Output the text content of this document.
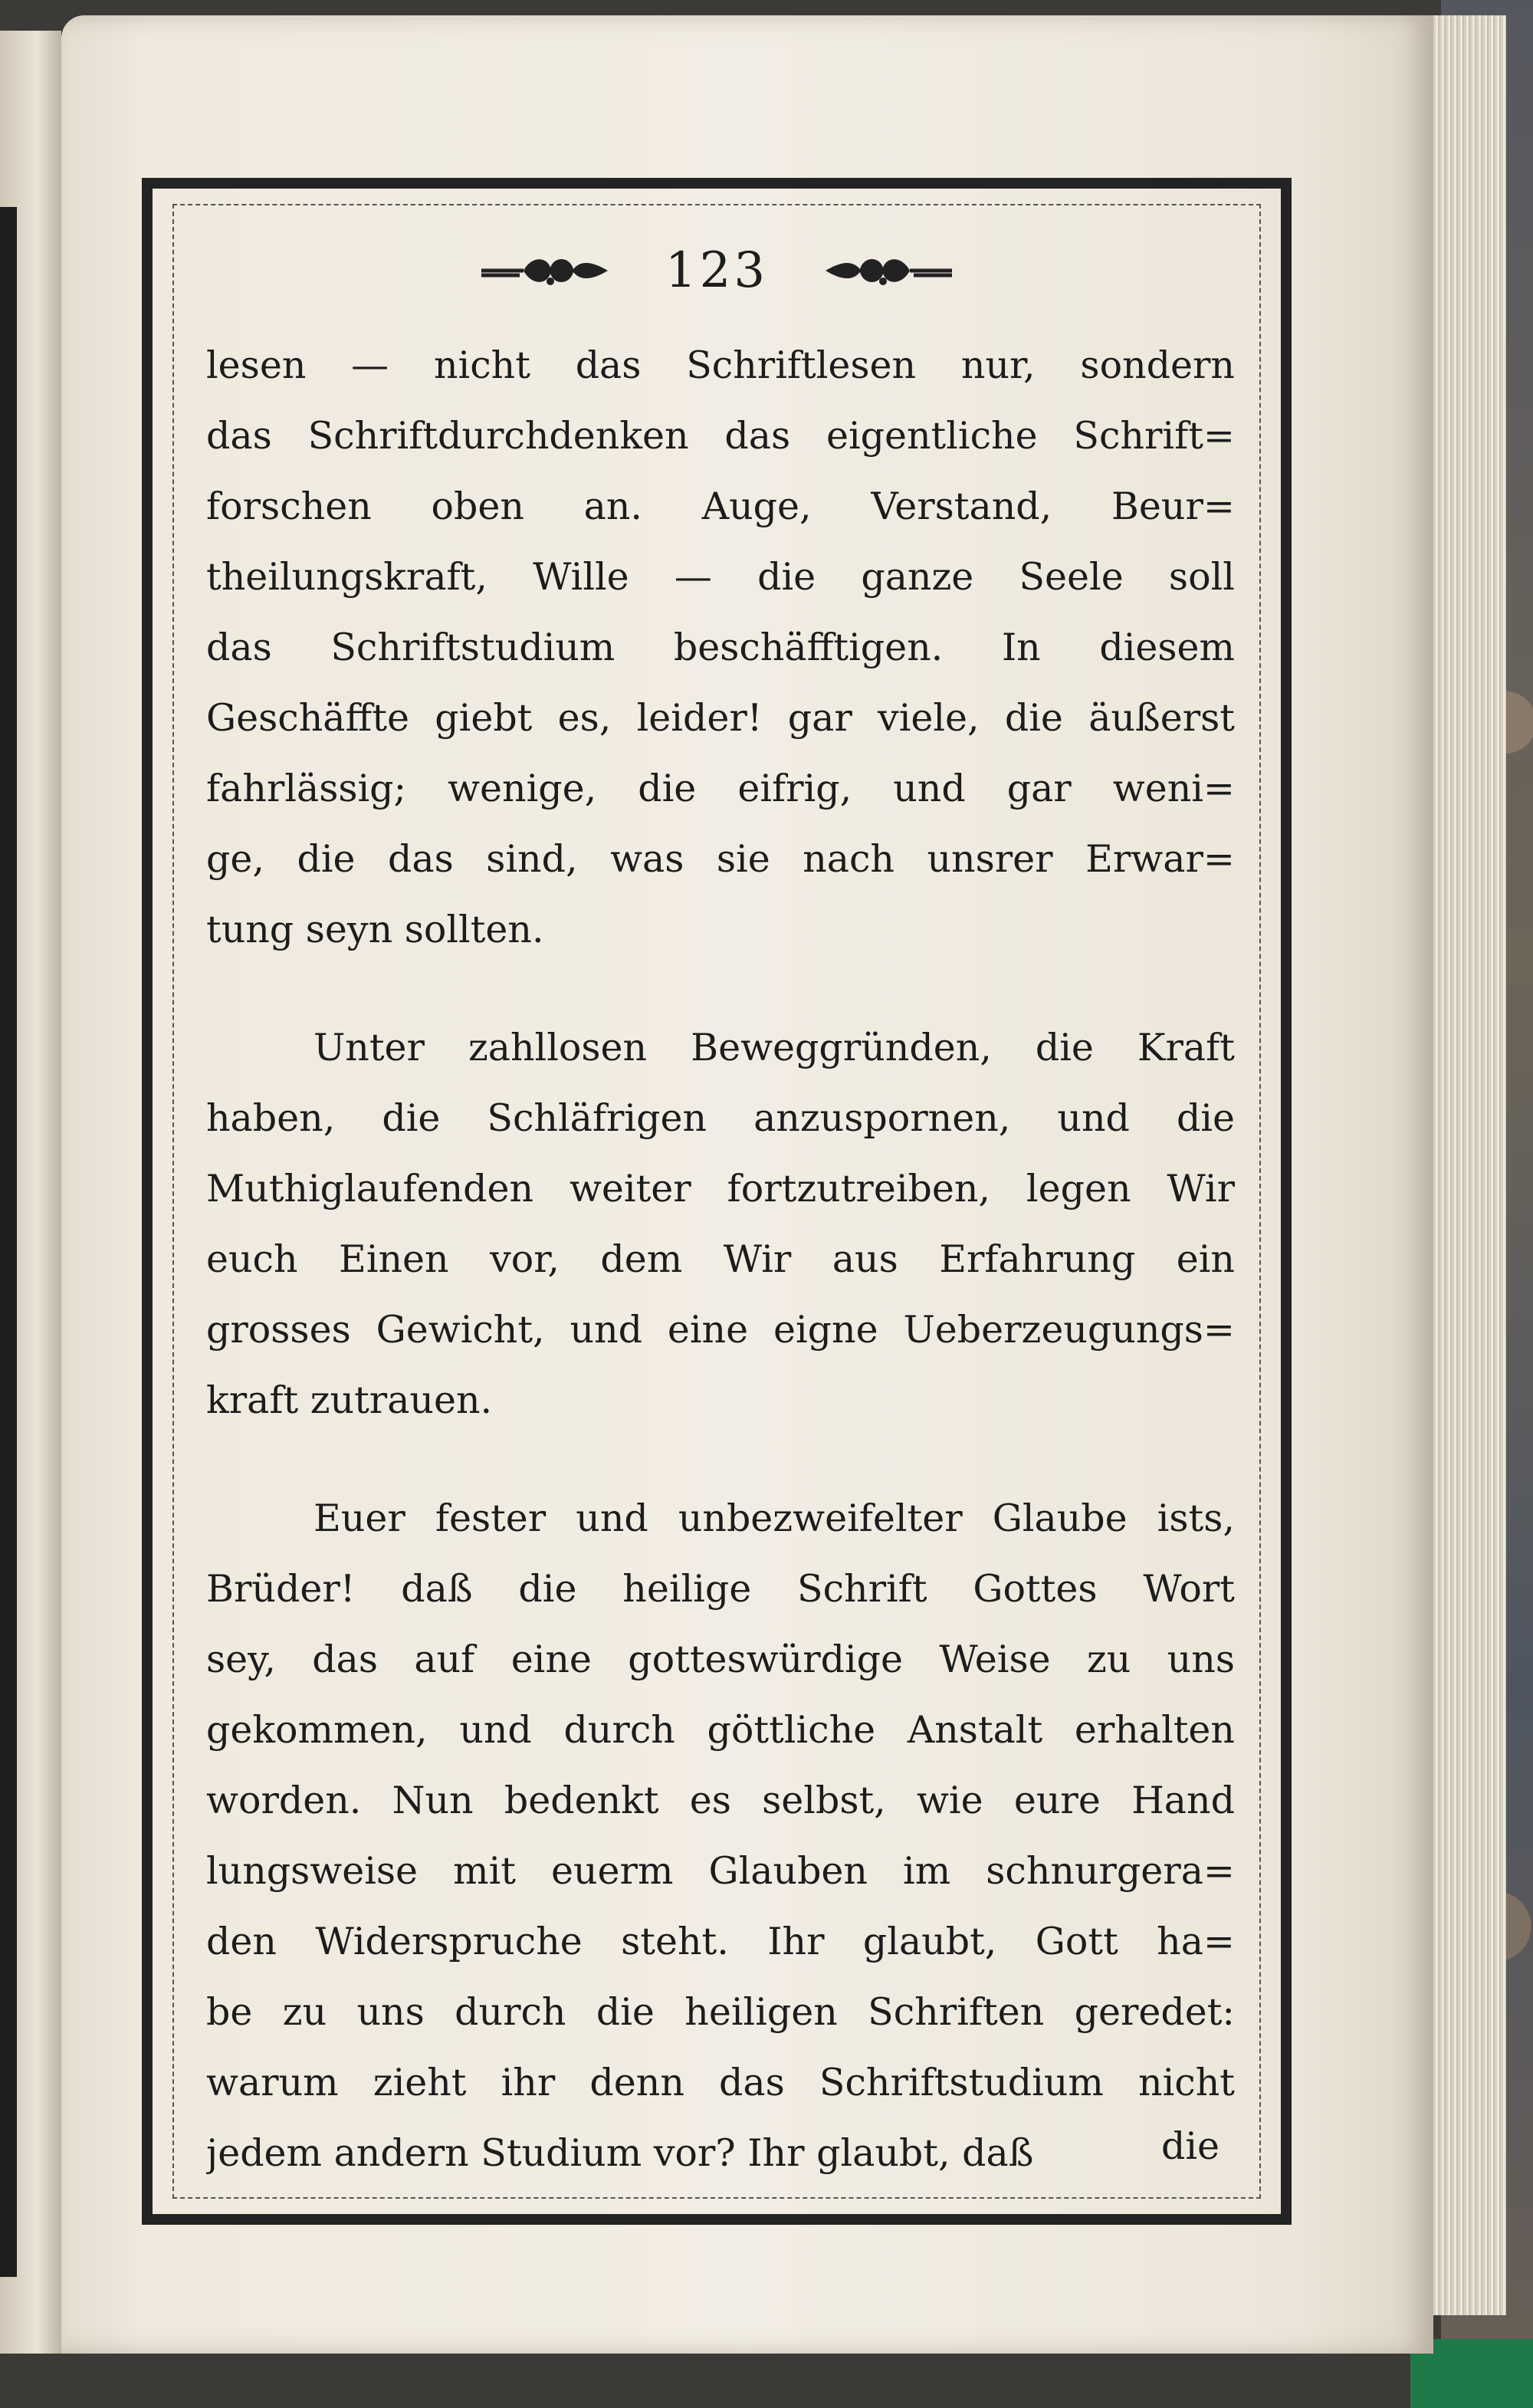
123
lesen — nicht das Schriftlesen nur, sondern
das Schriftdurchdenken das eigentliche Schrift=
forschen oben an. Auge, Verstand, Beur=
theilungskraft, Wille — die ganze Seele soll
das Schriftstudium beschäfftigen. In diesem
Geschäffte giebt es, leider! gar viele, die äußerst
fahrlässig; wenige, die eifrig, und gar weni=
ge, die das sind, was sie nach unsrer Erwar=
tung seyn sollten.
Unter zahllosen Beweggründen, die Kraft
haben, die Schläfrigen anzuspornen, und die
Muthiglaufenden weiter fortzutreiben, legen Wir
euch Einen vor, dem Wir aus Erfahrung ein
grosses Gewicht, und eine eigne Ueberzeugungs=
kraft zutrauen.
Euer fester und unbezweifelter Glaube ists,
Brüder! daß die heilige Schrift Gottes Wort
sey, das auf eine gotteswürdige Weise zu uns
gekommen, und durch göttliche Anstalt erhalten
worden. Nun bedenkt es selbst, wie eure Hand
lungsweise mit euerm Glauben im schnurgera=
den Widerspruche steht. Ihr glaubt, Gott ha=
be zu uns durch die heiligen Schriften geredet:
warum zieht ihr denn das Schriftstudium nicht
jedem andern Studium vor? Ihr glaubt, daß	die
